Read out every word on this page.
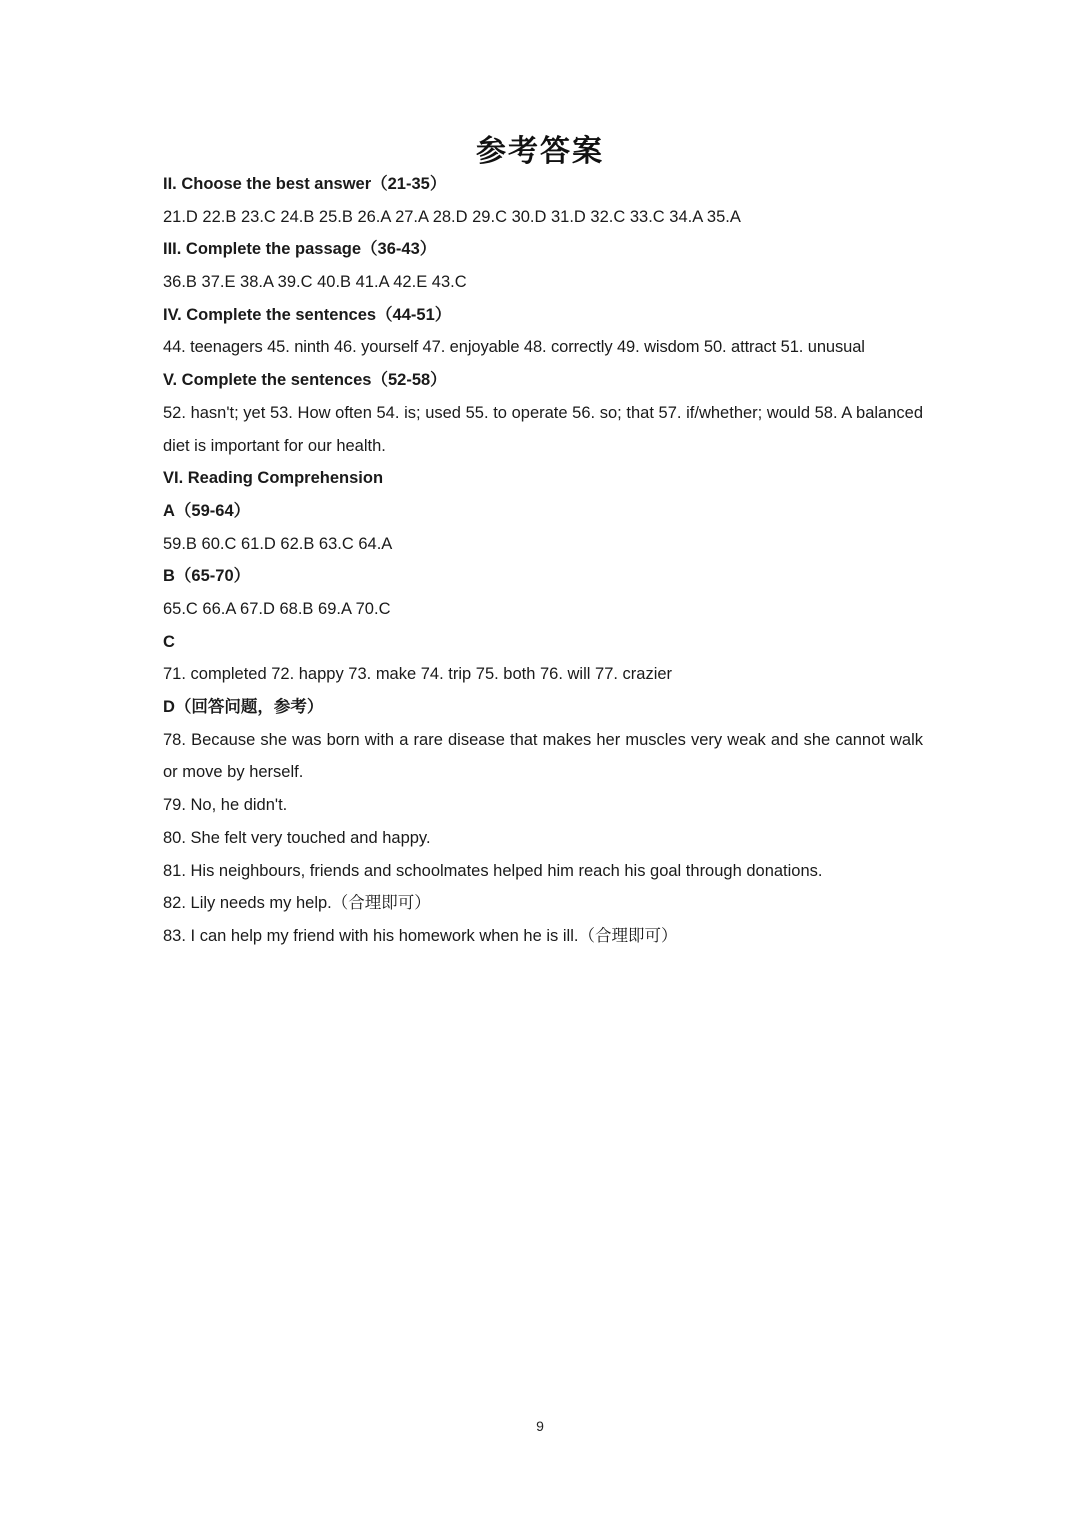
参考答案
II. Choose the best answer（21-35）
21.D 22.B 23.C 24.B 25.B 26.A 27.A 28.D 29.C 30.D 31.D 32.C 33.C 34.A 35.A
III. Complete the passage（36-43）
36.B 37.E 38.A 39.C 40.B 41.A 42.E 43.C
IV. Complete the sentences（44-51）
44. teenagers 45. ninth 46. yourself 47. enjoyable 48. correctly 49. wisdom 50. attract 51. unusual
V. Complete the sentences（52-58）
52. hasn't; yet 53. How often 54. is; used 55. to operate 56. so; that 57. if/whether; would 58. A balanced diet is important for our health.
VI. Reading Comprehension
A（59-64）
59.B 60.C 61.D 62.B 63.C 64.A
B（65-70）
65.C 66.A 67.D 68.B 69.A 70.C
C
71. completed 72. happy 73. make 74. trip 75. both 76. will 77. crazier
D（回答问题，参考）
78. Because she was born with a rare disease that makes her muscles very weak and she cannot walk or move by herself.
79. No, he didn't.
80. She felt very touched and happy.
81. His neighbours, friends and schoolmates helped him reach his goal through donations.
82. Lily needs my help.（合理即可）
83. I can help my friend with his homework when he is ill.（合理即可）
9
